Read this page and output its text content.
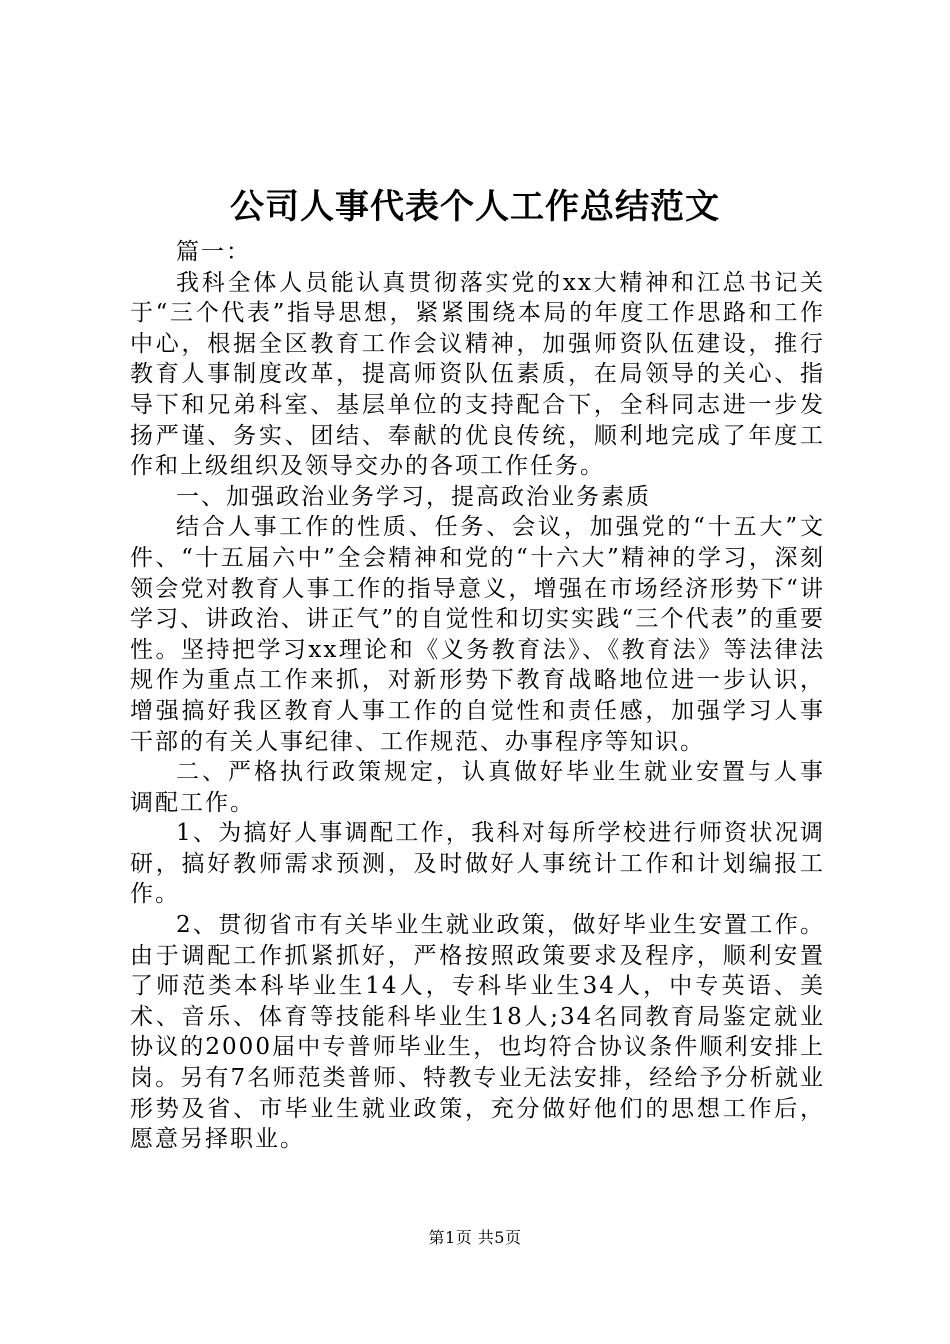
公司人事代表个人工作总结范文

篇一：

我科全体人员能认真贯彻落实党的xx大精神和江总书记关于“三个代表”指导思想，紧紧围绕本局的年度工作思路和工作中心，根据全区教育工作会议精神，加强师资队伍建设，推行教育人事制度改革，提高师资队伍素质，在局领导的关心、指导下和兄弟科室、基层单位的支持配合下，全科同志进一步发扬严谨、务实、团结、奉献的优良传统，顺利地完成了年度工作和上级组织及领导交办的各项工作任务。

一、加强政治业务学习，提高政治业务素质

结合人事工作的性质、任务、会议，加强党的“十五大”文件、“十五届六中”全会精神和党的“十六大”精神的学习，深刻领会党对教育人事工作的指导意义，增强在市场经济形势下“讲学习、讲政治、讲正气”的自觉性和切实实践“三个代表”的重要性。坚持把学习xx理论和《义务教育法》、《教育法》等法律法规作为重点工作来抓，对新形势下教育战略地位进一步认识，增强搞好我区教育人事工作的自觉性和责任感，加强学习人事干部的有关人事纪律、工作规范、办事程序等知识。

二、严格执行政策规定，认真做好毕业生就业安置与人事调配工作。

1、为搞好人事调配工作，我科对每所学校进行师资状况调研，搞好教师需求预测，及时做好人事统计工作和计划编报工作。

2、贯彻省市有关毕业生就业政策，做好毕业生安置工作。由于调配工作抓紧抓好，严格按照政策要求及程序，顺利安置了师范类本科毕业生14人，专科毕业生34人，中专英语、美术、音乐、体育等技能科毕业生18人;34名同教育局鉴定就业协议的2000届中专普师毕业生，也均符合协议条件顺利安排上岗。另有7名师范类普师、特教专业无法安排，经给予分析就业形势及省、市毕业生就业政策，充分做好他们的思想工作后，愿意另择职业。

第1页 共5页
